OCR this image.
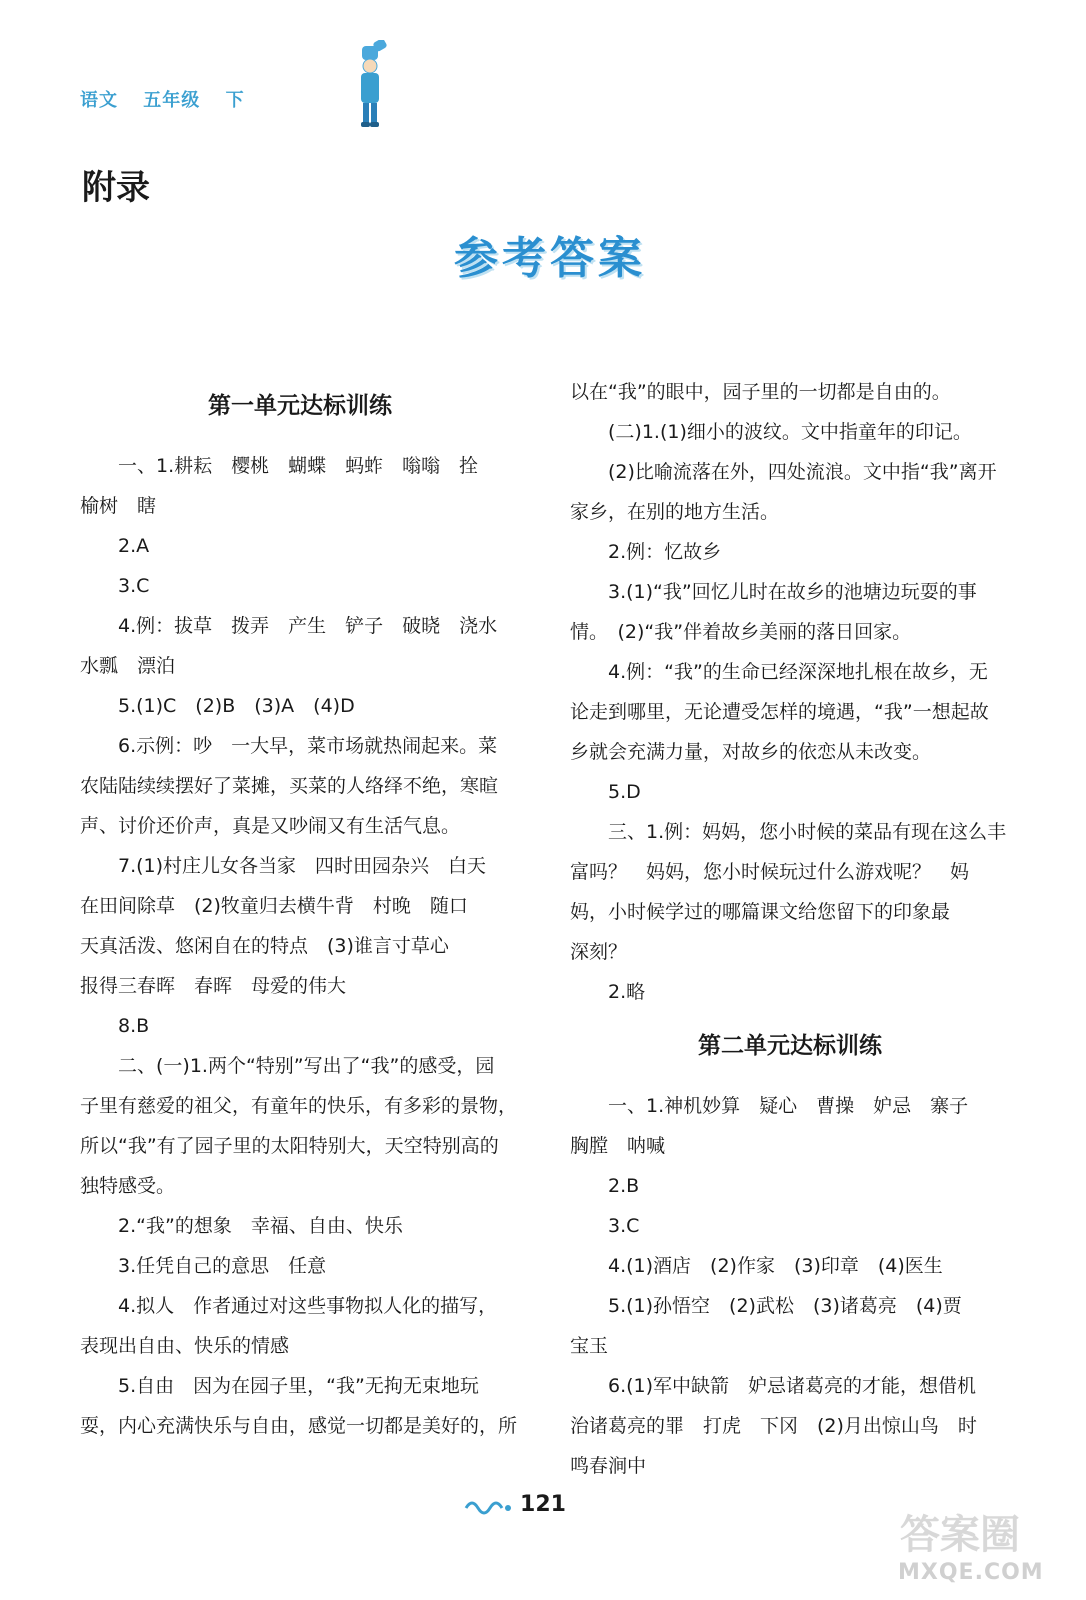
语文 五年级 下
附录
参考答案
第一单元达标训练

一、1.耕耘　樱桃　蝴蝶　蚂蚱　嗡嗡　拴

榆树　瞎

2.A

3.C

4.例：拔草　拨弄　产生　铲子　破晓　浇水

水瓢　漂泊

5.(1)C　(2)B　(3)A　(4)D

6.示例：吵　一大早，菜市场就热闹起来。菜

农陆陆续续摆好了菜摊，买菜的人络绎不绝，寒暄

声、讨价还价声，真是又吵闹又有生活气息。

7.(1)村庄儿女各当家　四时田园杂兴　白天

在田间除草　(2)牧童归去横牛背　村晚　随口

天真活泼、悠闲自在的特点　(3)谁言寸草心

报得三春晖　春晖　母爱的伟大

8.B

二、(一)1.两个“特别”写出了“我”的感受，园

子里有慈爱的祖父，有童年的快乐，有多彩的景物，

所以“我”有了园子里的太阳特别大，天空特别高的

独特感受。

2.“我”的想象　幸福、自由、快乐

3.任凭自己的意思　任意

4.拟人　作者通过对这些事物拟人化的描写，

表现出自由、快乐的情感

5.自由　因为在园子里，“我”无拘无束地玩

耍，内心充满快乐与自由，感觉一切都是美好的，所

以在“我”的眼中，园子里的一切都是自由的。

(二)1.(1)细小的波纹。文中指童年的印记。

(2)比喻流落在外，四处流浪。文中指“我”离开

家乡，在别的地方生活。

2.例：忆故乡

3.(1)“我”回忆儿时在故乡的池塘边玩耍的事

情。　(2)“我”伴着故乡美丽的落日回家。

4.例：“我”的生命已经深深地扎根在故乡，无

论走到哪里，无论遭受怎样的境遇，“我”一想起故

乡就会充满力量，对故乡的依恋从未改变。

5.D

三、1.例：妈妈，您小时候的菜品有现在这么丰

富吗？　妈妈，您小时候玩过什么游戏呢？　妈

妈，小时候学过的哪篇课文给您留下的印象最

深刻？

2.略

第二单元达标训练

一、1.神机妙算　疑心　曹操　妒忌　寨子

胸膛　呐喊

2.B

3.C

4.(1)酒店　(2)作家　(3)印章　(4)医生

5.(1)孙悟空　(2)武松　(3)诸葛亮　(4)贾

宝玉

6.(1)军中缺箭　妒忌诸葛亮的才能，想借机

治诸葛亮的罪　打虎　下冈　(2)月出惊山鸟　时

鸣春涧中

121
答案圈
MXQE.COM
